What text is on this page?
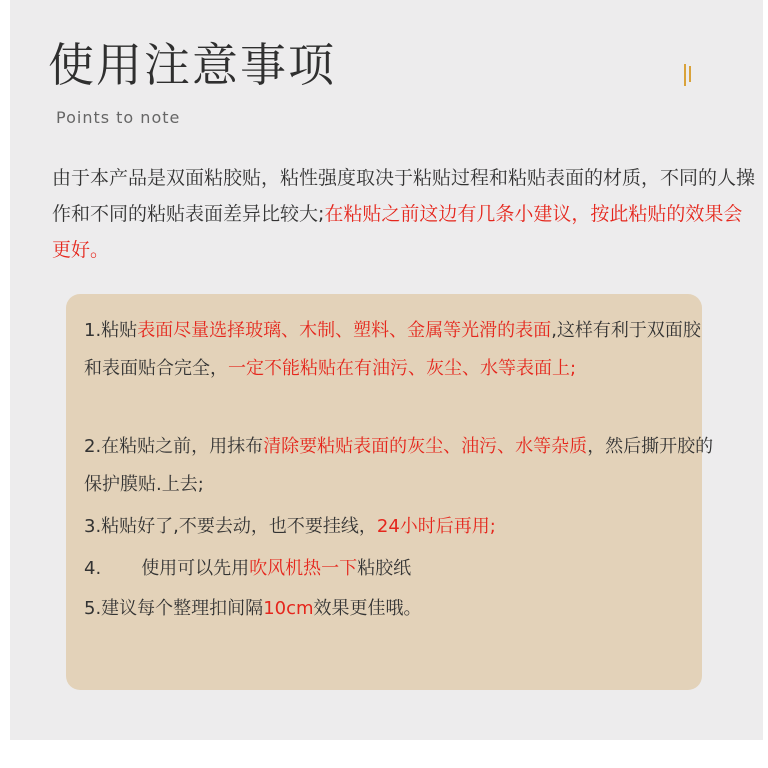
使用注意事项
Points to note
由于本产品是双面粘胶贴，粘性强度取决于粘贴过程和粘贴表面的材质，不同的人操作和不同的粘贴表面差异比较大;在粘贴之前这边有几条小建议，按此粘贴的效果会更好。
1.粘贴表面尽量选择玻璃、木制、塑料、金属等光滑的表面,这样有利于双面胶和表面贴合完全，一定不能粘贴在有油污、灰尘、水等表面上;
2.在粘贴之前，用抹布清除要粘贴表面的灰尘、油污、水等杂质，然后撕开胶的保护膜贴.上去;
3.粘贴好了,不要去动，也不要挂线，24小时后再用;
4. 使用可以先用吹风机热一下粘胶纸
5.建议每个整理扣间隔10cm效果更佳哦。
